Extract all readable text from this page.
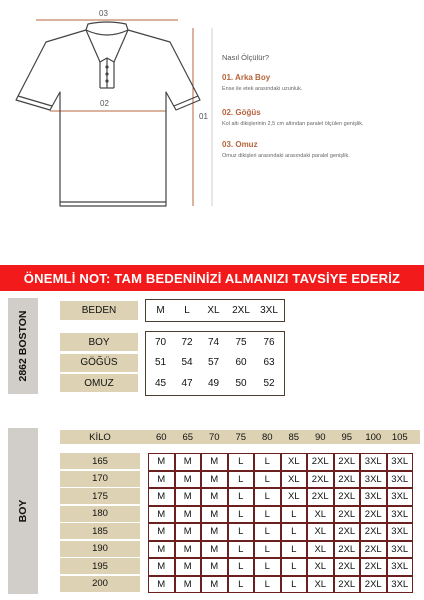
03
02
01
Nasıl Ölçülür?
01. Arka Boy
Ense ile etek arasındaki uzunluk.
02. Göğüs
Kol altı dikişlerinin 2,5 cm altından paralel ölçülen genişlik.
03. Omuz
Omuz dikişleri arasındaki arasındaki paralel genişlik.
ÖNEMLİ NOT: TAM BEDENİNİZİ ALMANIZI TAVSİYE EDERİZ
2862 BOSTON	BEDEN	M	L	XL	2XL	3XL
BOY	70	72	74	75	76
GÖĞÜS	51	54	57	60	63
OMUZ	45	47	49	50	52
BOY
KİLO	60	65	70	75	80	85	90	95	100	105
165	M	M	M	L	L	XL	2XL	2XL	3XL	3XL
170	M	M	M	L	L	XL	2XL	2XL	3XL	3XL
175	M	M	M	L	L	XL	2XL	2XL	3XL	3XL
180	M	M	M	L	L	L	XL	2XL	2XL	3XL
185	M	M	M	L	L	L	XL	2XL	2XL	3XL
190	M	M	M	L	L	L	XL	2XL	2XL	3XL
195	M	M	M	L	L	L	XL	2XL	2XL	3XL
200	M	M	M	L	L	L	XL	2XL	2XL	3XL
